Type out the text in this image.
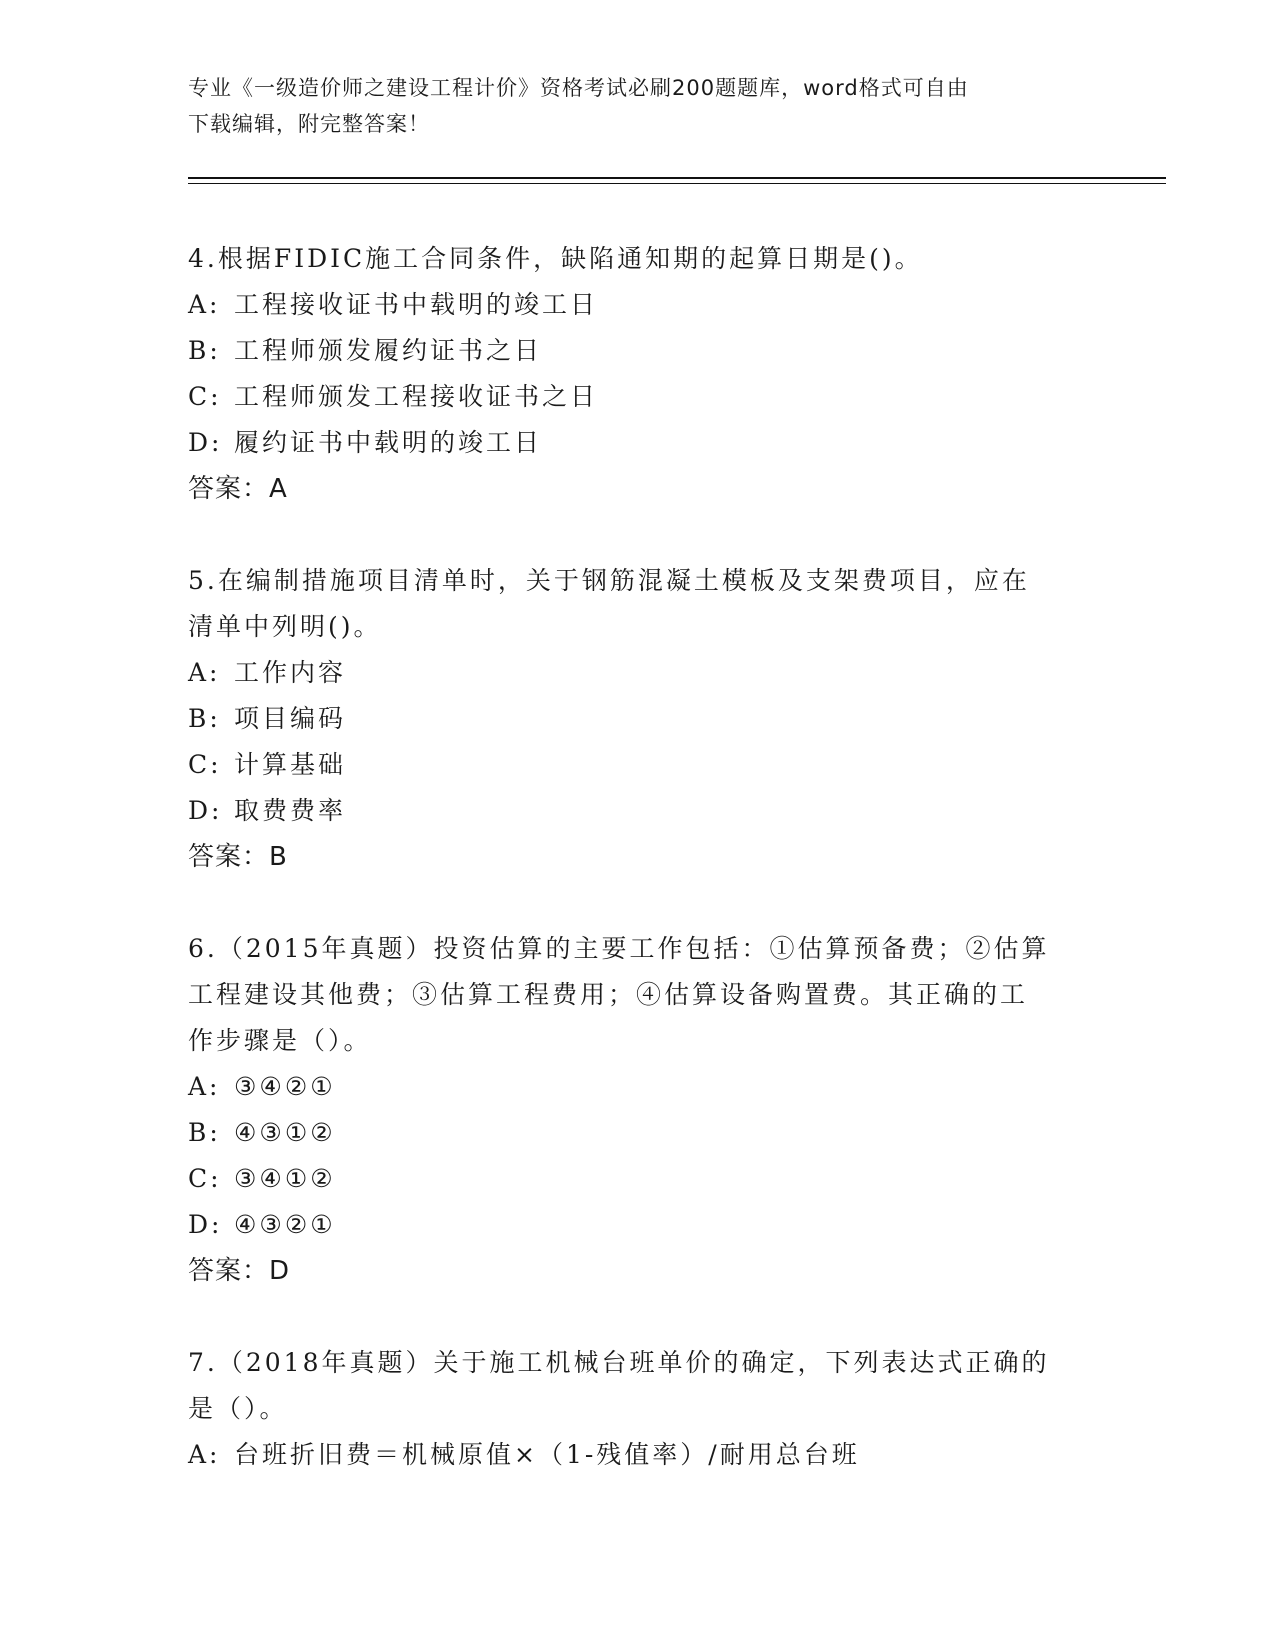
专业《一级造价师之建设工程计价》资格考试必刷200题题库，word格式可自由
下载编辑，附完整答案！
4.根据FIDIC施工合同条件，缺陷通知期的起算日期是()。
A: 工程接收证书中载明的竣工日
B: 工程师颁发履约证书之日
C: 工程师颁发工程接收证书之日
D: 履约证书中载明的竣工日
答案：A
5.在编制措施项目清单时，关于钢筋混凝土模板及支架费项目，应在
清单中列明()。
A: 工作内容
B: 项目编码
C: 计算基础
D: 取费费率
答案：B
6.（2015年真题）投资估算的主要工作包括：①估算预备费；②估算
工程建设其他费；③估算工程费用；④估算设备购置费。其正确的工
作步骤是（）。
A: ③④②①
B: ④③①②
C: ③④①②
D: ④③②①
答案：D
7.（2018年真题）关于施工机械台班单价的确定，下列表达式正确的
是（）。
A: 台班折旧费＝机械原值×（1-残值率）/耐用总台班
